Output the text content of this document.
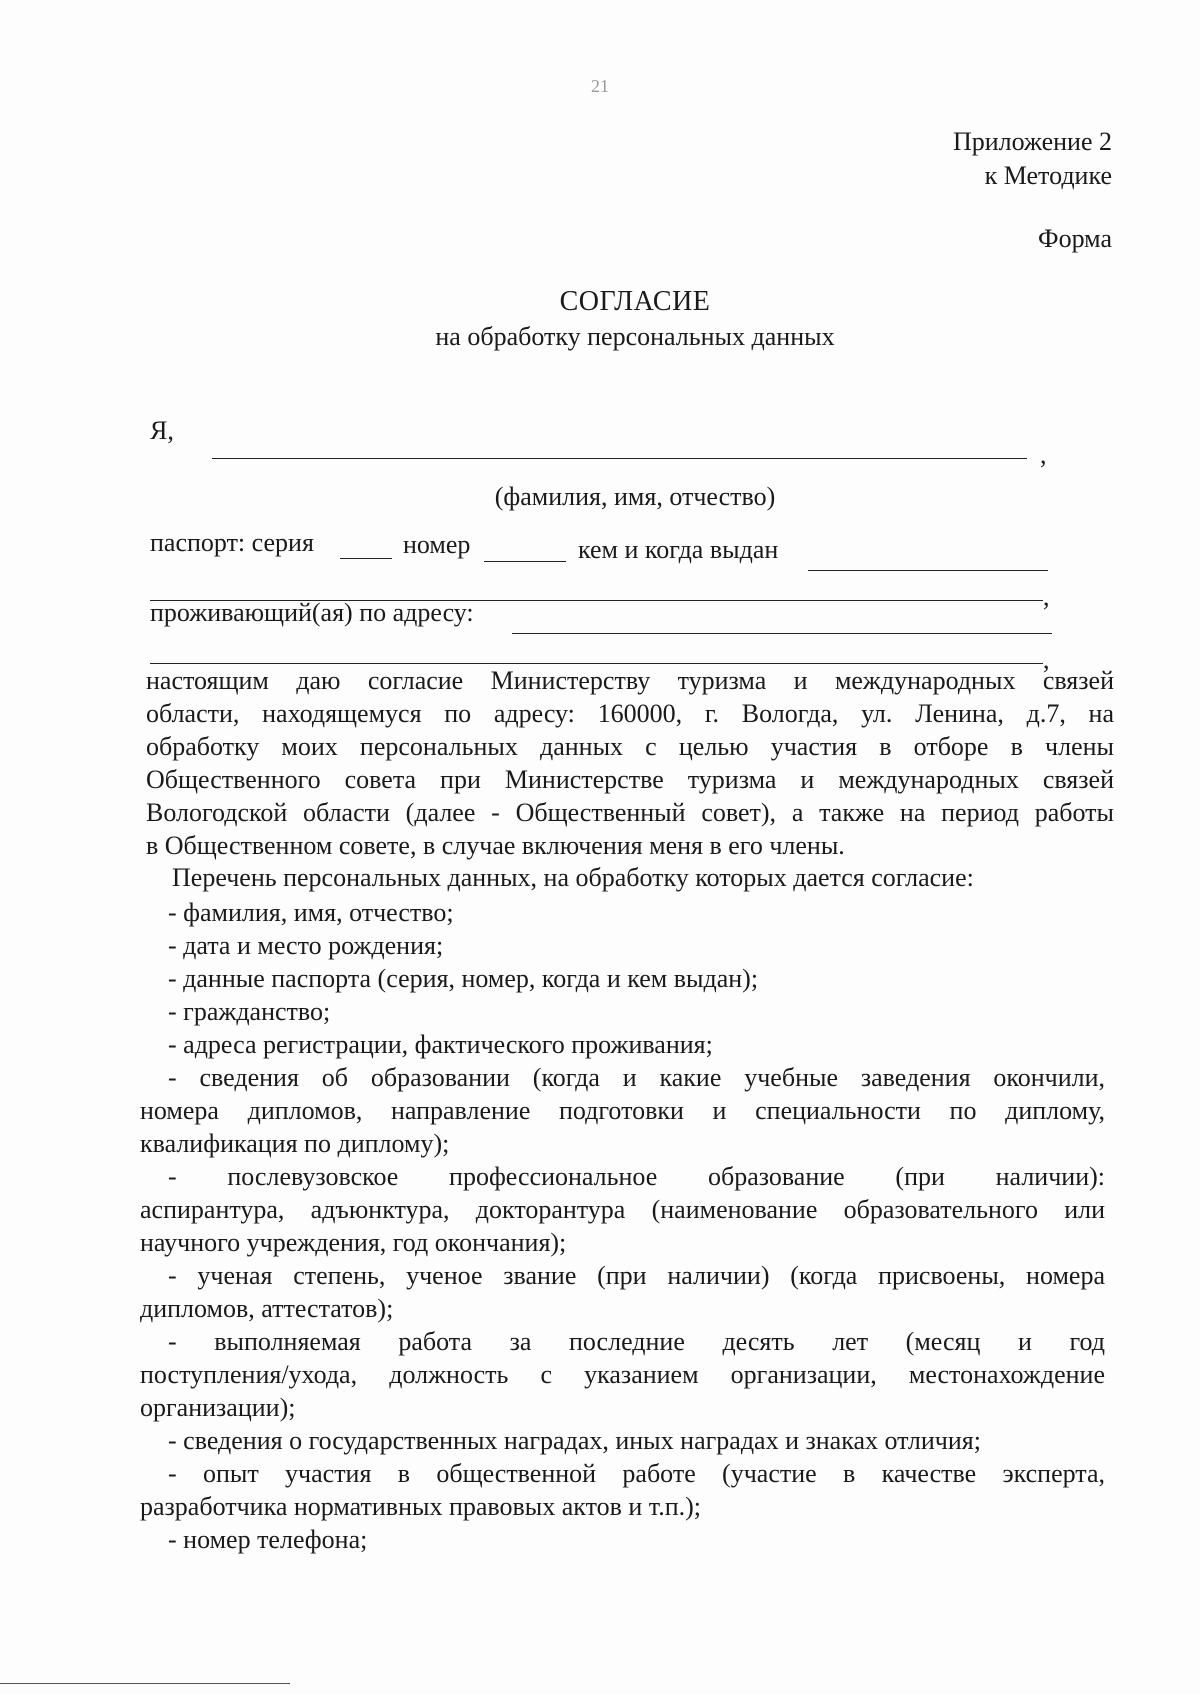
21
Приложение 2
к Методике
Форма
СОГЛАСИЕ
на обработку персональных данных
Я,
,
(фамилия, имя, отчество)
паспорт: серия	номер	кем и когда выдан
,
проживающий(ая) по адресу:
,
настоящим даю согласие Министерству туризма и международных связей
области, находящемуся по адресу: 160000, г. Вологда, ул. Ленина, д.7, на
обработку моих персональных данных с целью участия в отборе в члены
Общественного совета при Министерстве туризма и международных связей
Вологодской области (далее - Общественный совет), а также на период работы
в Общественном совете, в случае включения меня в его члены.
Перечень персональных данных, на обработку которых дается согласие:
- фамилия, имя, отчество;
- дата и место рождения;
- данные паспорта (серия, номер, когда и кем выдан);
- гражданство;
- адреса регистрации, фактического проживания;
- сведения об образовании (когда и какие учебные заведения окончили,
номера дипломов, направление подготовки и специальности по диплому,
квалификация по диплому);
- послевузовское профессиональное образование (при наличии):
аспирантура, адъюнктура, докторантура (наименование образовательного или
научного учреждения, год окончания);
- ученая степень, ученое звание (при наличии) (когда присвоены, номера
дипломов, аттестатов);
- выполняемая работа за последние десять лет (месяц и год
поступления/ухода, должность с указанием организации, местонахождение
организации);
- сведения о государственных наградах, иных наградах и знаках отличия;
- опыт участия в общественной работе (участие в качестве эксперта,
разработчика нормативных правовых актов и т.п.);
- номер телефона;
